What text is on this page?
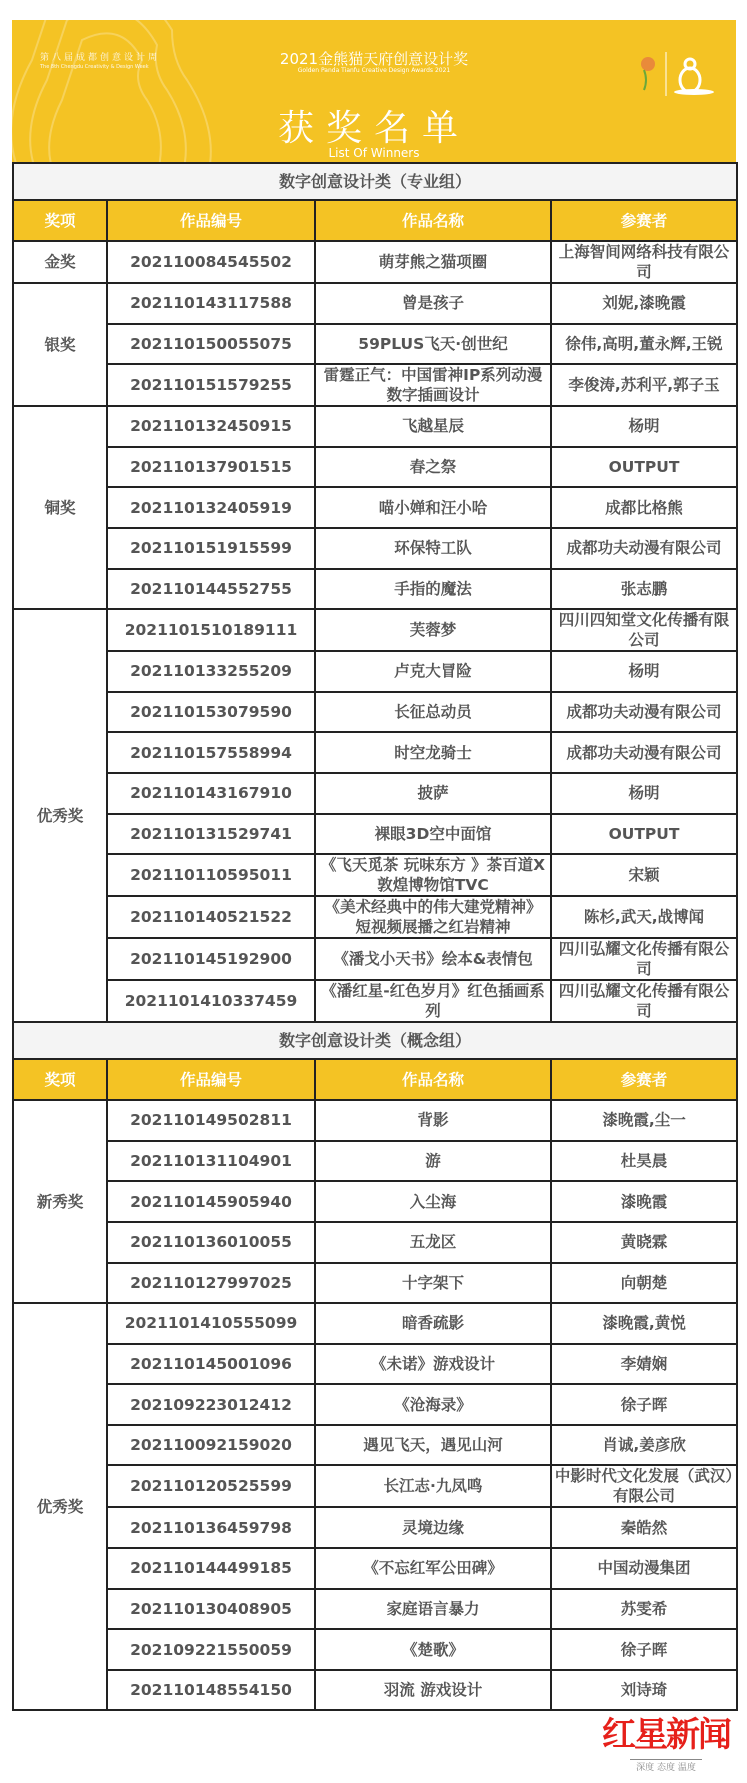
第八届成都创意设计周
The 8th Chengdu Creativity & Design Week	2021金熊猫天府创意设计奖
Golden Panda Tianfu Creative Design Awards 2021
获奖名单
List Of Winners
数字创意设计类（专业组）			
奖项	作品编号	作品名称	参赛者
金奖	202110084545502	萌芽熊之猫项圈	上海智间网络科技有限公司
银奖	202110143117588	曾是孩子	刘妮,漆晚霞
	202110150055075	59PLUS飞天·创世纪	徐伟,高明,董永辉,王锐
	202110151579255	雷霆正气：中国雷神IP系列动漫数字插画设计	李俊涛,苏利平,郭子玉
铜奖	202110132450915	飞越星辰	杨明
	202110137901515	春之祭	OUTPUT
	202110132405919	喵小婵和汪小哈	成都比格熊
	202110151915599	环保特工队	成都功夫动漫有限公司
	202110144552755	手指的魔法	张志鹏
优秀奖	2021101510189111	芙蓉梦	四川四知堂文化传播有限公司
	202110133255209	卢克大冒险	杨明
	202110153079590	长征总动员	成都功夫动漫有限公司
	202110157558994	时空龙骑士	成都功夫动漫有限公司
	202110143167910	披萨	杨明
	202110131529741	裸眼3D空中面馆	OUTPUT
	202110110595011	《飞天觅茶 玩味东方 》茶百道X敦煌博物馆TVC	宋颖
	202110140521522	《美术经典中的伟大建党精神》短视频展播之红岩精神	陈杉,武天,战博闻
	202110145192900	《潘戈小天书》绘本&表情包	四川弘耀文化传播有限公司
	2021101410337459	《潘红星-红色岁月》红色插画系列	四川弘耀文化传播有限公司
数字创意设计类（概念组）			
奖项	作品编号	作品名称	参赛者
新秀奖	202110149502811	背影	漆晚霞,尘一
	202110131104901	游	杜昊晨
	202110145905940	入尘海	漆晚霞
	202110136010055	五龙区	黄晓霖
	202110127997025	十字架下	向朝楚
优秀奖	2021101410555099	暗香疏影	漆晚霞,黄悦
	202110145001096	《未诺》游戏设计	李婧娴
	202109223012412	《沧海录》	徐子晖
	202110092159020	遇见飞天，遇见山河	肖诚,姜彦欣
	202110120525599	长江志·九凤鸣	中影时代文化发展（武汉）有限公司
	202110136459798	灵境边缘	秦皓然
	202110144499185	《不忘红军公田碑》	中国动漫集团
	202110130408905	家庭语言暴力	苏雯希
	202109221550059	《楚歌》	徐子晖
	202110148554150	羽流 游戏设计	刘诗琦
红星新闻
深度 态度 温度
